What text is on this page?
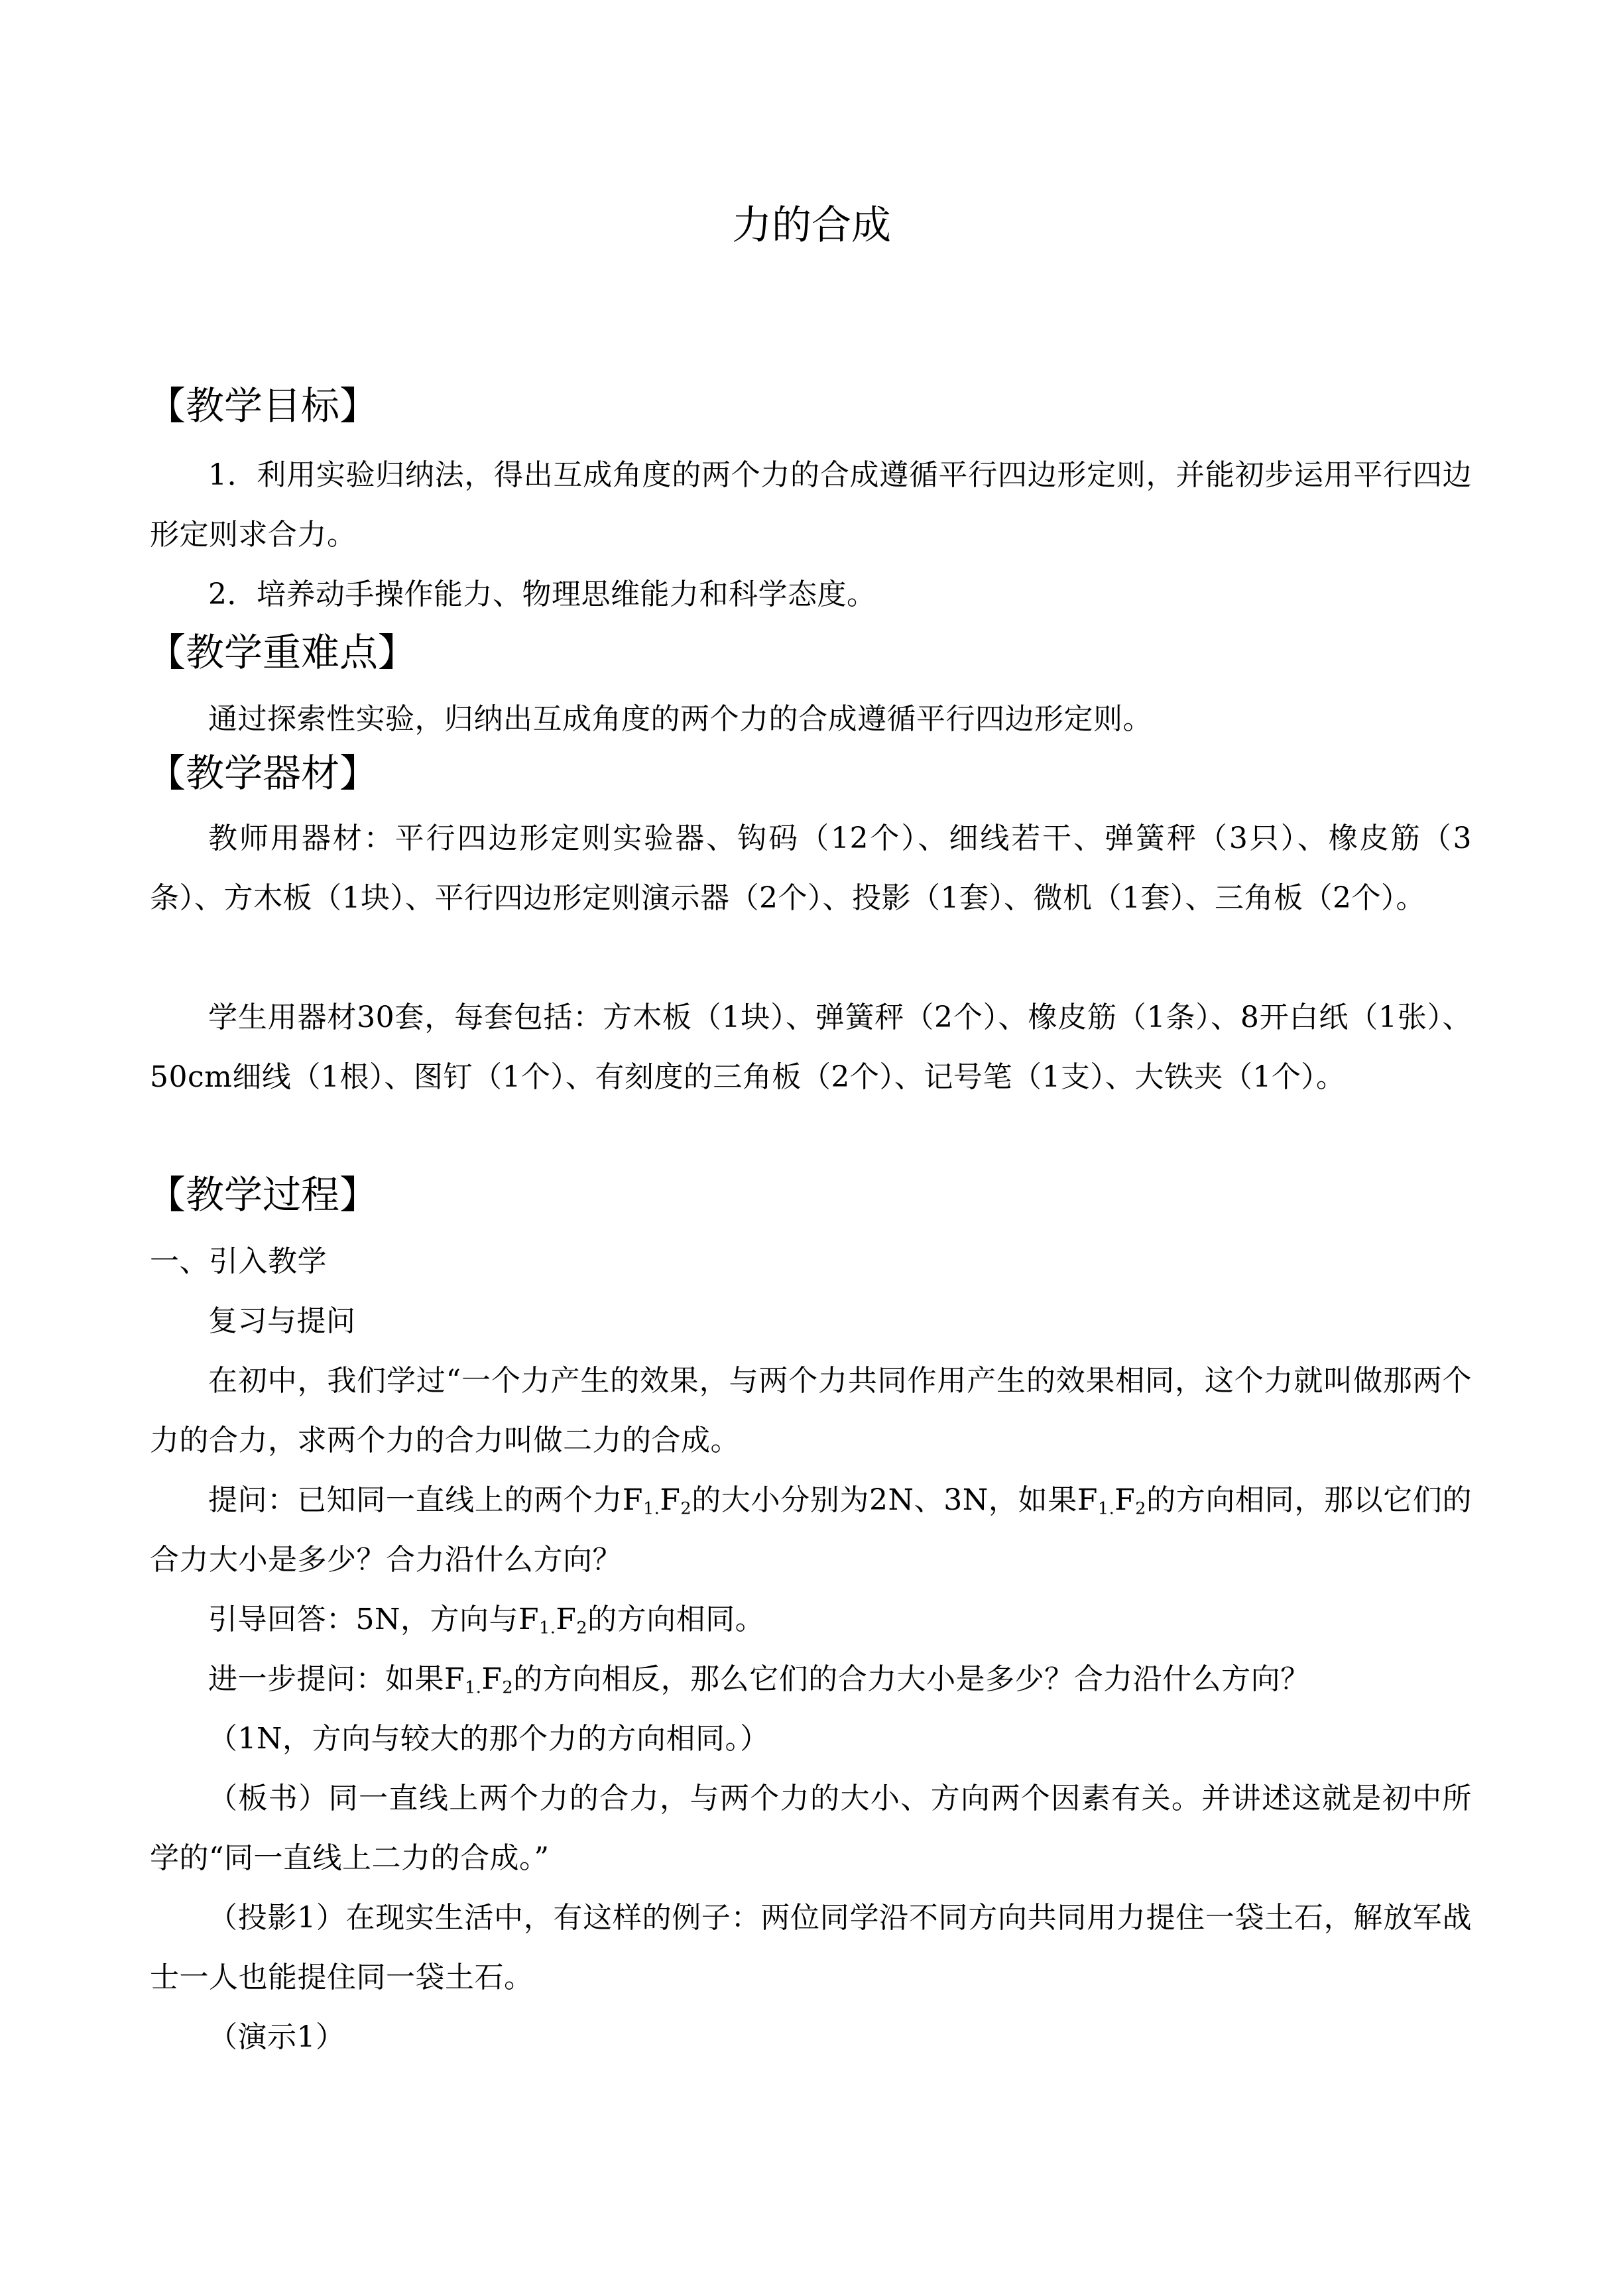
力的合成
【教学目标】
1．利用实验归纳法，得出互成角度的两个力的合成遵循平行四边形定则，并能初步运用平行四边形定则求合力。
2．培养动手操作能力、物理思维能力和科学态度。
【教学重难点】
通过探索性实验，归纳出互成角度的两个力的合成遵循平行四边形定则。
【教学器材】
教师用器材：平行四边形定则实验器、钩码（12个）、细线若干、弹簧秤（3只）、橡皮筋（3条）、方木板（1块）、平行四边形定则演示器（2个）、投影（1套）、微机（1套）、三角板（2个）。
学生用器材30套，每套包括：方木板（1块）、弹簧秤（2个）、橡皮筋（1条）、8开白纸（1张）、50cm细线（1根）、图钉（1个）、有刻度的三角板（2个）、记号笔（1支）、大铁夹（1个）。
【教学过程】
一、引入教学
复习与提问
在初中，我们学过“一个力产生的效果，与两个力共同作用产生的效果相同，这个力就叫做那两个力的合力，求两个力的合力叫做二力的合成。
提问：已知同一直线上的两个力$F_{1.}F_2$的大小分别为2N、3N，如果$F_{1.}F_2$的方向相同，那以它们的合力大小是多少？合力沿什么方向？
引导回答：5N，方向与$F_{1.}F_2$的方向相同。
进一步提问：如果$F_{1.}F_2$的方向相反，那么它们的合力大小是多少？合力沿什么方向？
（1N，方向与较大的那个力的方向相同。）
（板书）同一直线上两个力的合力，与两个力的大小、方向两个因素有关。并讲述这就是初中所学的“同一直线上二力的合成。”
（投影1）在现实生活中，有这样的例子：两位同学沿不同方向共同用力提住一袋土石，解放军战士一人也能提住同一袋土石。
（演示1）
